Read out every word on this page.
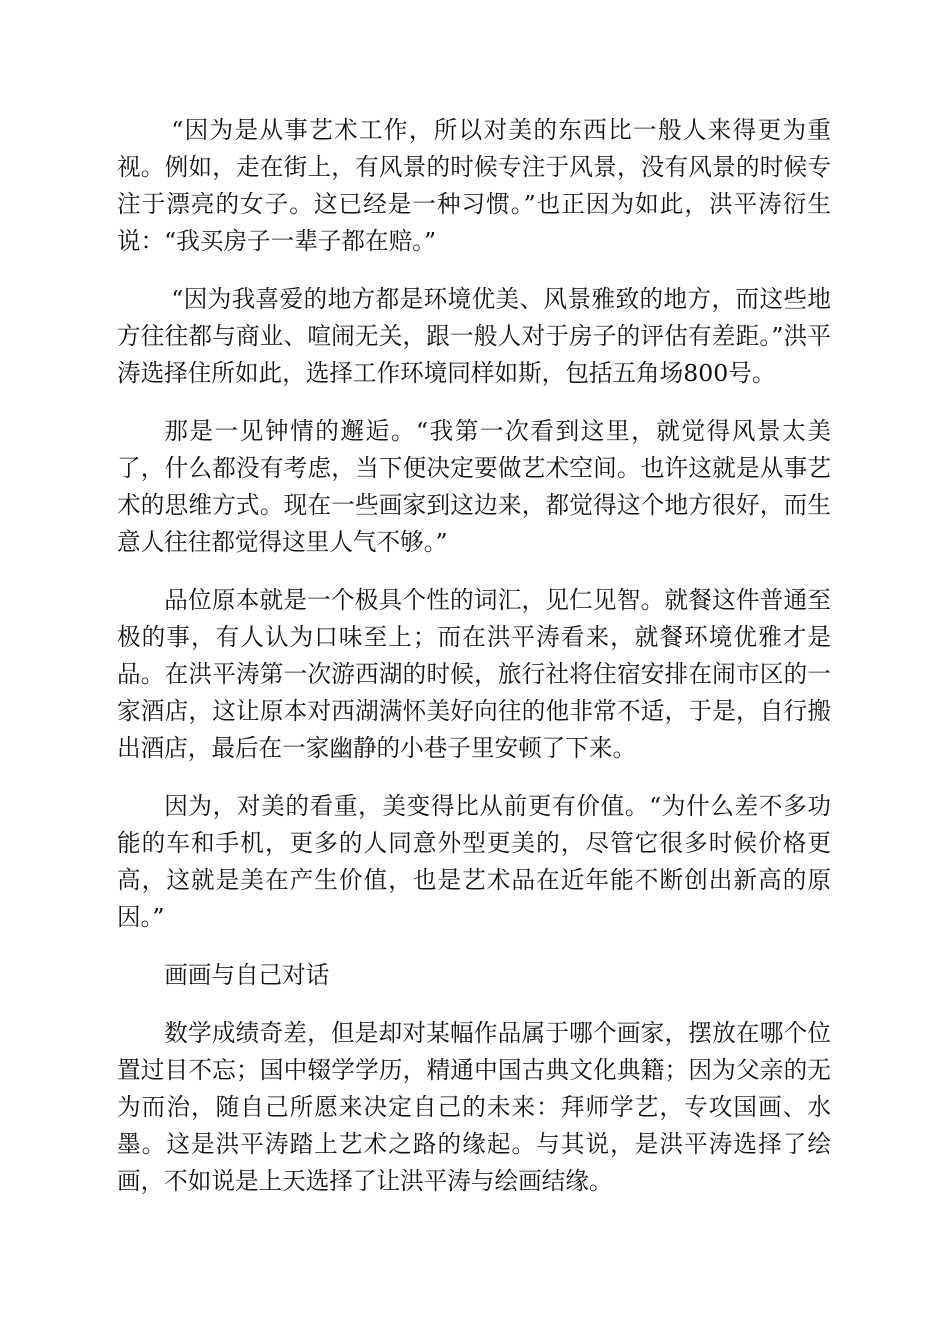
“因为是从事艺术工作，所以对美的东西比一般人来得更为重视。例如，走在街上，有风景的时候专注于风景，没有风景的时候专注于漂亮的女子。这已经是一种习惯。”也正因为如此，洪平涛衍生说：“我买房子一辈子都在赔。”

“因为我喜爱的地方都是环境优美、风景雅致的地方，而这些地方往往都与商业、喧闹无关，跟一般人对于房子的评估有差距。”洪平涛选择住所如此，选择工作环境同样如斯，包括五角场800号。

那是一见钟情的邂逅。“我第一次看到这里，就觉得风景太美了，什么都没有考虑，当下便决定要做艺术空间。也许这就是从事艺术的思维方式。现在一些画家到这边来，都觉得这个地方很好，而生意人往往都觉得这里人气不够。”

品位原本就是一个极具个性的词汇，见仁见智。就餐这件普通至极的事，有人认为口味至上；而在洪平涛看来，就餐环境优雅才是品。在洪平涛第一次游西湖的时候，旅行社将住宿安排在闹市区的一家酒店，这让原本对西湖满怀美好向往的他非常不适，于是，自行搬出酒店，最后在一家幽静的小巷子里安顿了下来。

因为，对美的看重，美变得比从前更有价值。“为什么差不多功能的车和手机，更多的人同意外型更美的，尽管它很多时候价格更高，这就是美在产生价值，也是艺术品在近年能不断创出新高的原因。”

画画与自己对话

数学成绩奇差，但是却对某幅作品属于哪个画家，摆放在哪个位置过目不忘；国中辍学学历，精通中国古典文化典籍；因为父亲的无为而治，随自己所愿来决定自己的未来：拜师学艺，专攻国画、水墨。这是洪平涛踏上艺术之路的缘起。与其说，是洪平涛选择了绘画，不如说是上天选择了让洪平涛与绘画结缘。
